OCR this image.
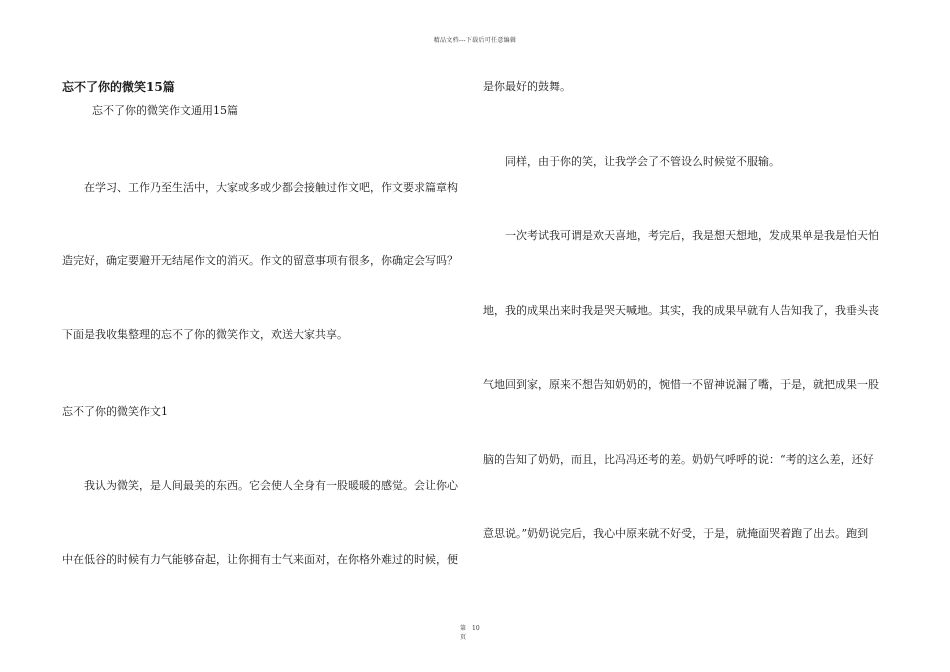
精品文档---下载后可任意编辑
忘不了你的微笑15篇
忘不了你的微笑作文通用15篇
在学习、工作乃至生活中，大家或多或少都会接触过作文吧，作文要求篇章构
造完好，确定要避开无结尾作文的消灭。作文的留意事项有很多，你确定会写吗？
下面是我收集整理的忘不了你的微笑作文，欢送大家共享。
忘不了你的微笑作文1
我认为微笑，是人间最美的东西。它会使人全身有一股暖暖的感觉。会让你心
中在低谷的时候有力气能够奋起，让你拥有士气来面对，在你格外难过的时候，便
是你最好的鼓舞。
同样，由于你的笑，让我学会了不管设么时候觉不服输。
一次考试我可谓是欢天喜地，考完后，我是想天想地，发成果单是我是怕天怕
地，我的成果出来时我是哭天喊地。其实，我的成果早就有人告知我了，我垂头丧
气地回到家，原来不想告知奶奶的，惋惜一不留神说漏了嘴，于是，就把成果一股
脑的告知了奶奶，而且，比冯冯还考的差。奶奶气呼呼的说：“考的这么差，还好
意思说。”奶奶说完后，我心中原来就不好受，于是，就掩面哭着跑了出去。跑到
第
页
10
